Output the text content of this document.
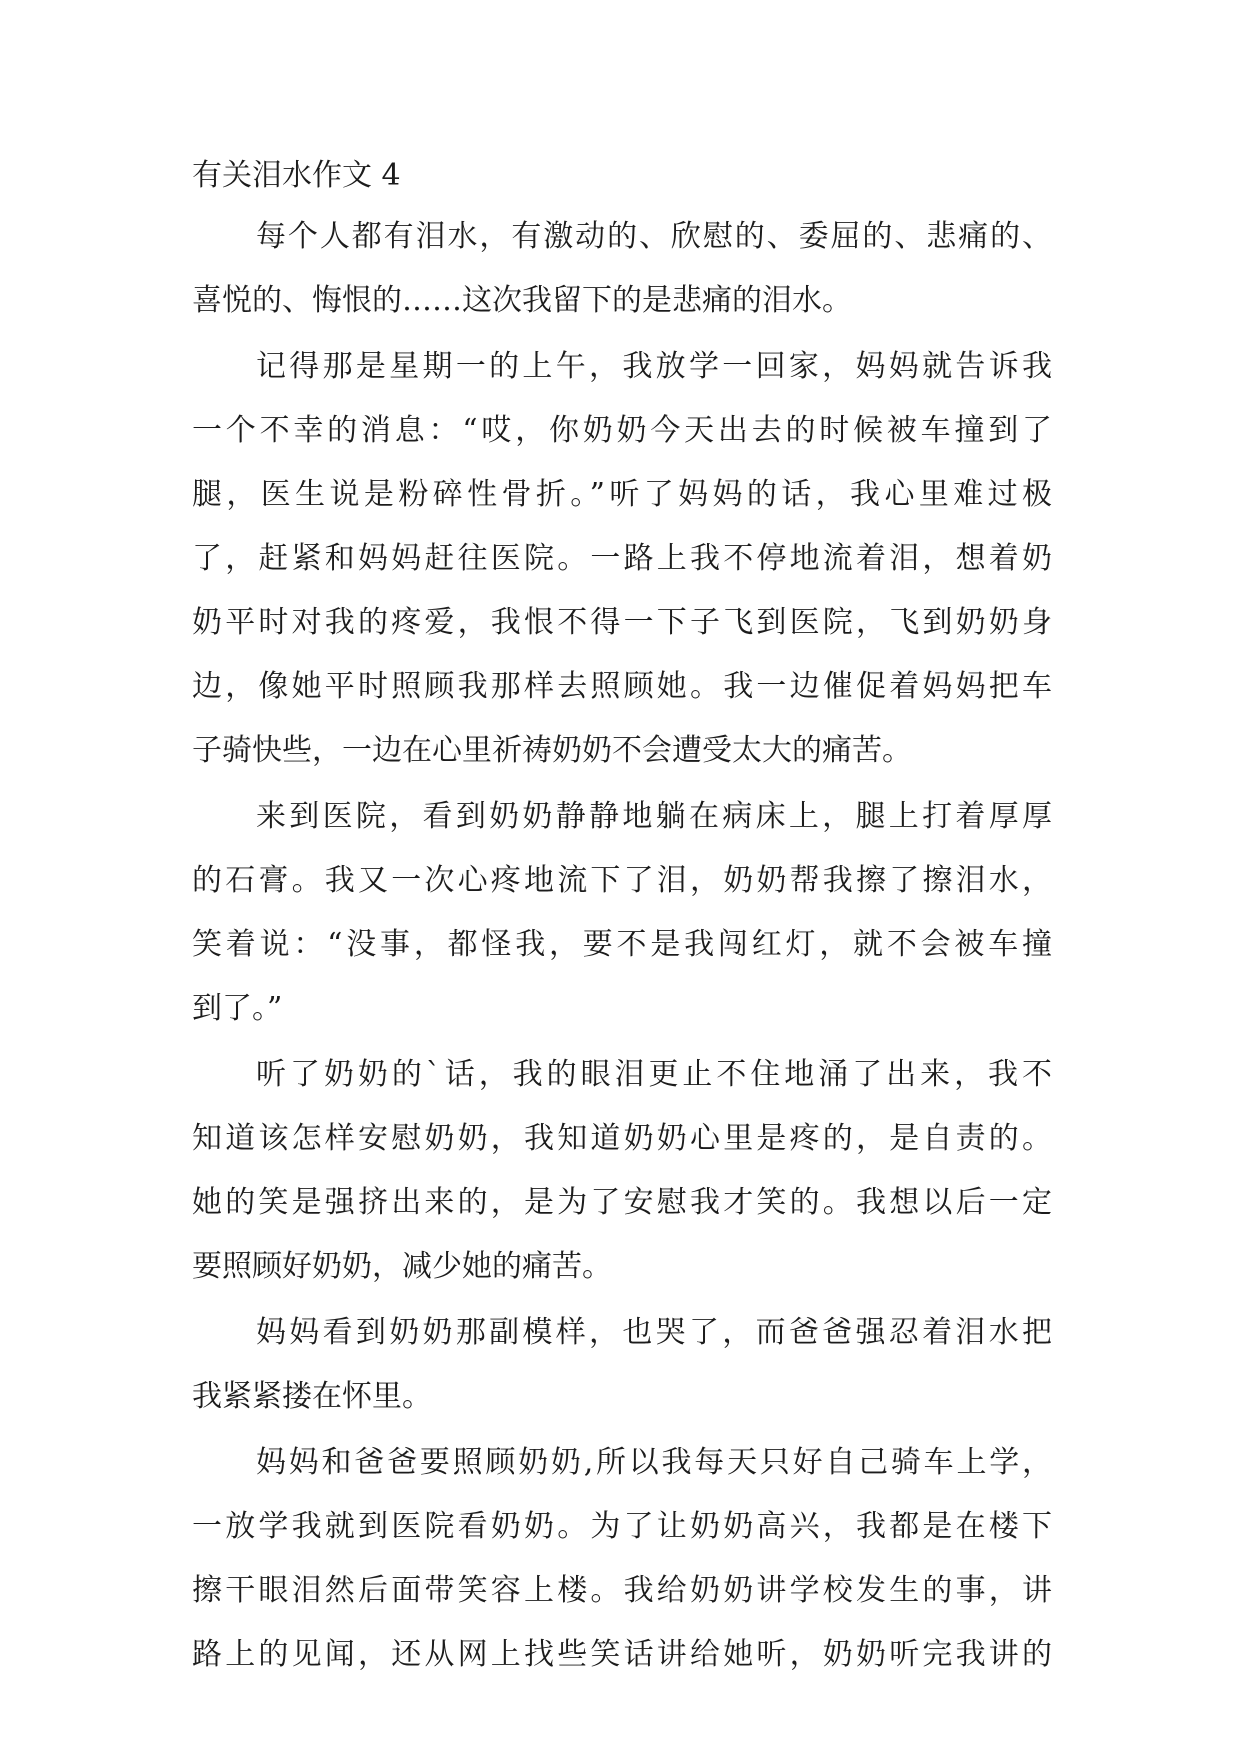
有关泪水作文 4
每个人都有泪水，有激动的、欣慰的、委屈的、悲痛的、
喜悦的、悔恨的……这次我留下的是悲痛的泪水。
记得那是星期一的上午，我放学一回家，妈妈就告诉我
一个不幸的消息：“哎，你奶奶今天出去的时候被车撞到了
腿，医生说是粉碎性骨折。”听了妈妈的话，我心里难过极
了，赶紧和妈妈赶往医院。一路上我不停地流着泪，想着奶
奶平时对我的疼爱，我恨不得一下子飞到医院，飞到奶奶身
边，像她平时照顾我那样去照顾她。我一边催促着妈妈把车
子骑快些，一边在心里祈祷奶奶不会遭受太大的痛苦。
来到医院，看到奶奶静静地躺在病床上，腿上打着厚厚
的石膏。我又一次心疼地流下了泪，奶奶帮我擦了擦泪水，
笑着说：“没事，都怪我，要不是我闯红灯，就不会被车撞
到了。”
听了奶奶的`话，我的眼泪更止不住地涌了出来，我不
知道该怎样安慰奶奶，我知道奶奶心里是疼的，是自责的。
她的笑是强挤出来的，是为了安慰我才笑的。我想以后一定
要照顾好奶奶，减少她的痛苦。
妈妈看到奶奶那副模样，也哭了，而爸爸强忍着泪水把
我紧紧搂在怀里。
妈妈和爸爸要照顾奶奶,所以我每天只好自己骑车上学，
一放学我就到医院看奶奶。为了让奶奶高兴，我都是在楼下
擦干眼泪然后面带笑容上楼。我给奶奶讲学校发生的事，讲
路上的见闻，还从网上找些笑话讲给她听，奶奶听完我讲的
